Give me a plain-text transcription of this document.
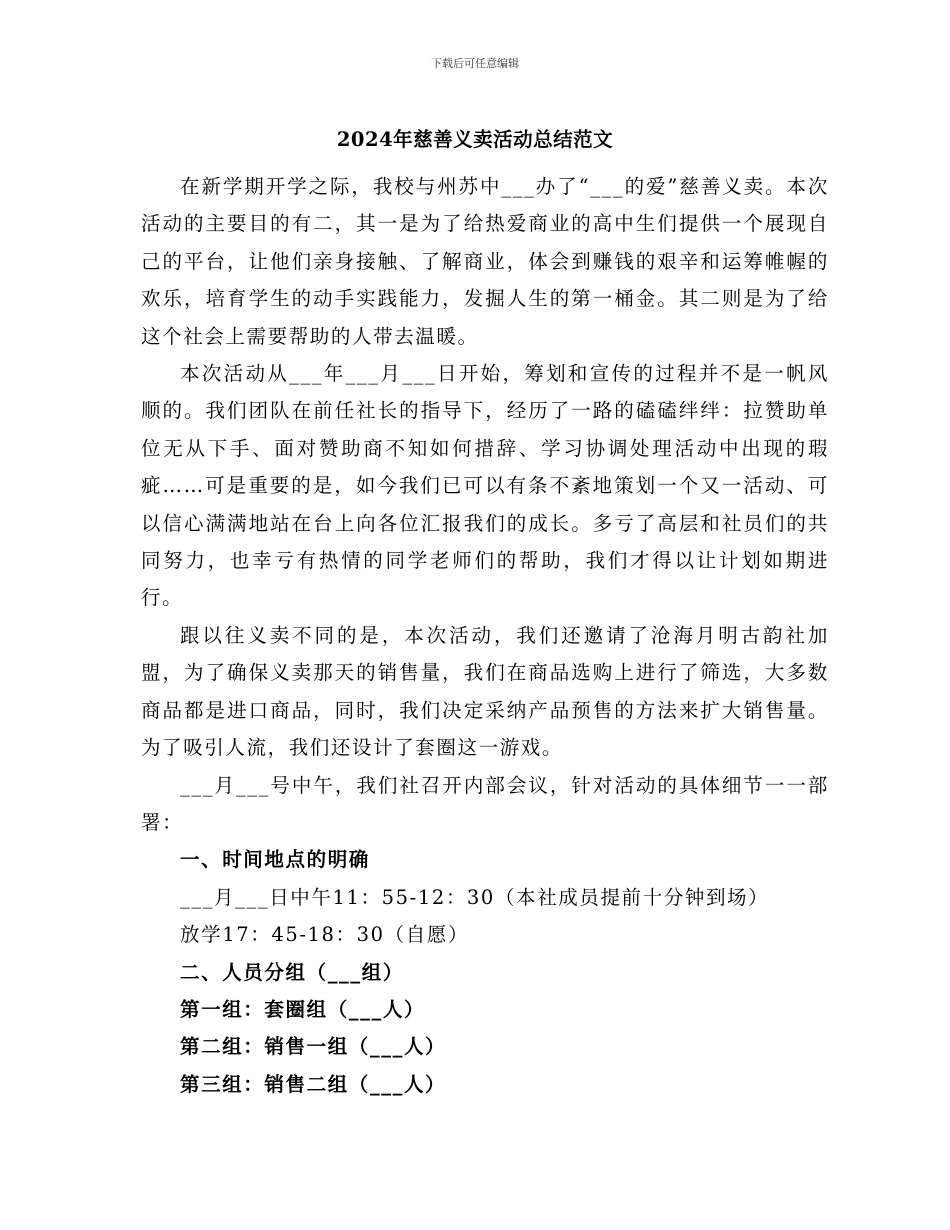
下载后可任意编辑
2024年慈善义卖活动总结范文

在新学期开学之际，我校与州苏中___办了“___的爱”慈善义卖。本次活动的主要目的有二，其一是为了给热爱商业的高中生们提供一个展现自己的平台，让他们亲身接触、了解商业，体会到赚钱的艰辛和运筹帷幄的欢乐，培育学生的动手实践能力，发掘人生的第一桶金。其二则是为了给这个社会上需要帮助的人带去温暖。

本次活动从___年___月___日开始，筹划和宣传的过程并不是一帆风顺的。我们团队在前任社长的指导下，经历了一路的磕磕绊绊：拉赞助单位无从下手、面对赞助商不知如何措辞、学习协调处理活动中出现的瑕疵……可是重要的是，如今我们已可以有条不紊地策划一个又一活动、可以信心满满地站在台上向各位汇报我们的成长。多亏了高层和社员们的共同努力，也幸亏有热情的同学老师们的帮助，我们才得以让计划如期进行。

跟以往义卖不同的是，本次活动，我们还邀请了沧海月明古韵社加盟，为了确保义卖那天的销售量，我们在商品选购上进行了筛选，大多数商品都是进口商品，同时，我们决定采纳产品预售的方法来扩大销售量。为了吸引人流，我们还设计了套圈这一游戏。

___月___号中午，我们社召开内部会议，针对活动的具体细节一一部署：

一、时间地点的明确

___月___日中午11：55-12：30（本社成员提前十分钟到场）

放学17：45-18：30（自愿）

二、人员分组（___组）

第一组：套圈组（___人）

第二组：销售一组（___人）

第三组：销售二组（___人）
